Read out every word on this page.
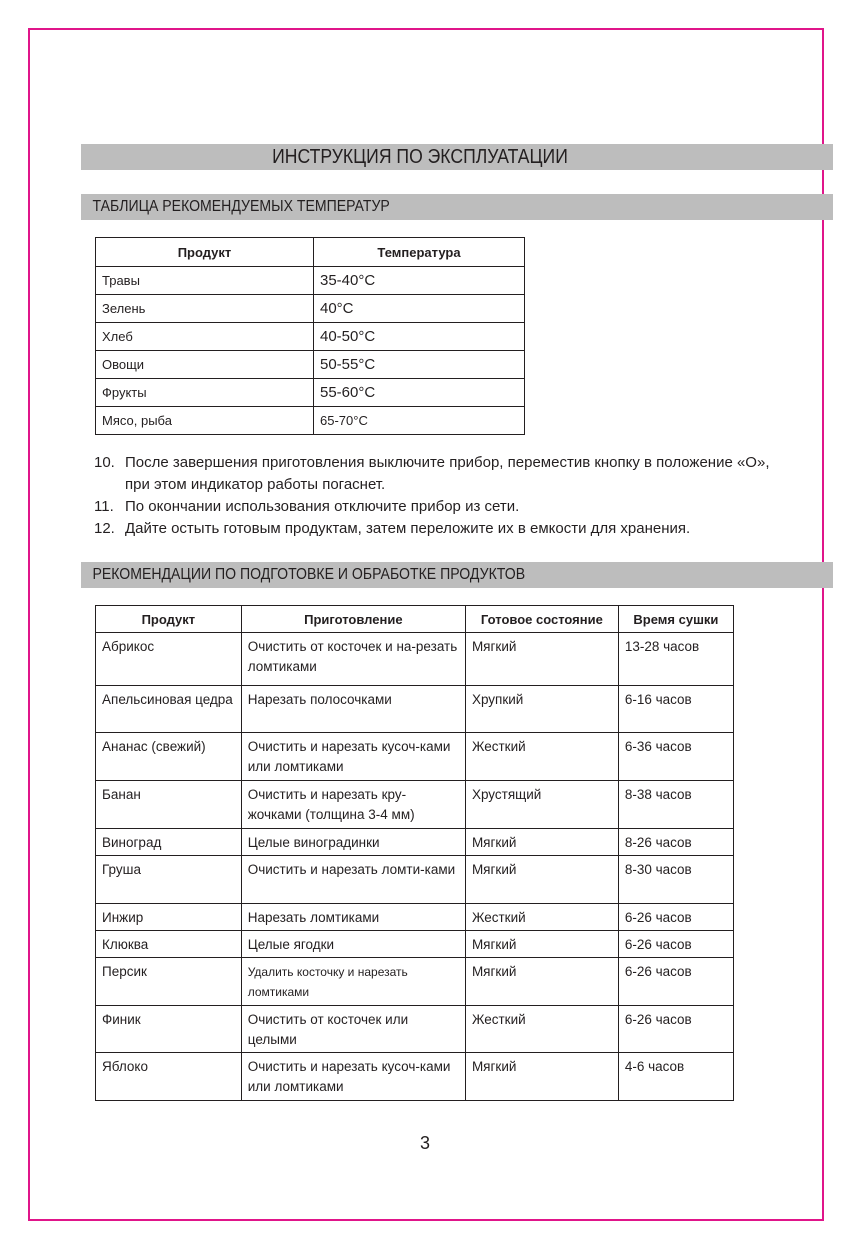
ИНСТРУКЦИЯ ПО ЭКСПЛУАТАЦИИ
ТАБЛИЦА РЕКОМЕНДУЕМЫХ ТЕМПЕРАТУР
Продукт	Температура
Травы	35-40°C
Зелень	40°C
Хлеб	40-50°C
Овощи	50-55°C
Фрукты	55-60°C
Мясо, рыба	65-70°C
10. После завершения приготовления выключите прибор, переместив кнопку в положение «О», при этом индикатор работы погаснет.
11. По окончании использования отключите прибор из сети.
12. Дайте остыть готовым продуктам, затем переложите их в емкости для хранения.
РЕКОМЕНДАЦИИ ПО ПОДГОТОВКЕ И ОБРАБОТКЕ ПРОДУКТОВ
Продукт	Приготовление	Готовое состояние	Время сушки
Абрикос	Очистить от косточек и на-резать ломтиками	Мягкий	13-28 часов
Апельсиновая цедра	Нарезать полосочками	Хрупкий	6-16 часов
Ананас (свежий)	Очистить и нарезать кусоч-ками или ломтиками	Жесткий	6-36 часов
Банан	Очистить и нарезать кру-жочками (толщина 3-4 мм)	Хрустящий	8-38 часов
Виноград	Целые виноградинки	Мягкий	8-26 часов
Груша	Очистить и нарезать ломти-ками	Мягкий	8-30 часов
Инжир	Нарезать ломтиками	Жесткий	6-26 часов
Клюква	Целые ягодки	Мягкий	6-26 часов
Персик	Удалить косточку и нарезать ломтиками	Мягкий	6-26 часов
Финик	Очистить от косточек или целыми	Жесткий	6-26 часов
Яблоко	Очистить и нарезать кусоч-ками или ломтиками	Мягкий	4-6 часов
3
